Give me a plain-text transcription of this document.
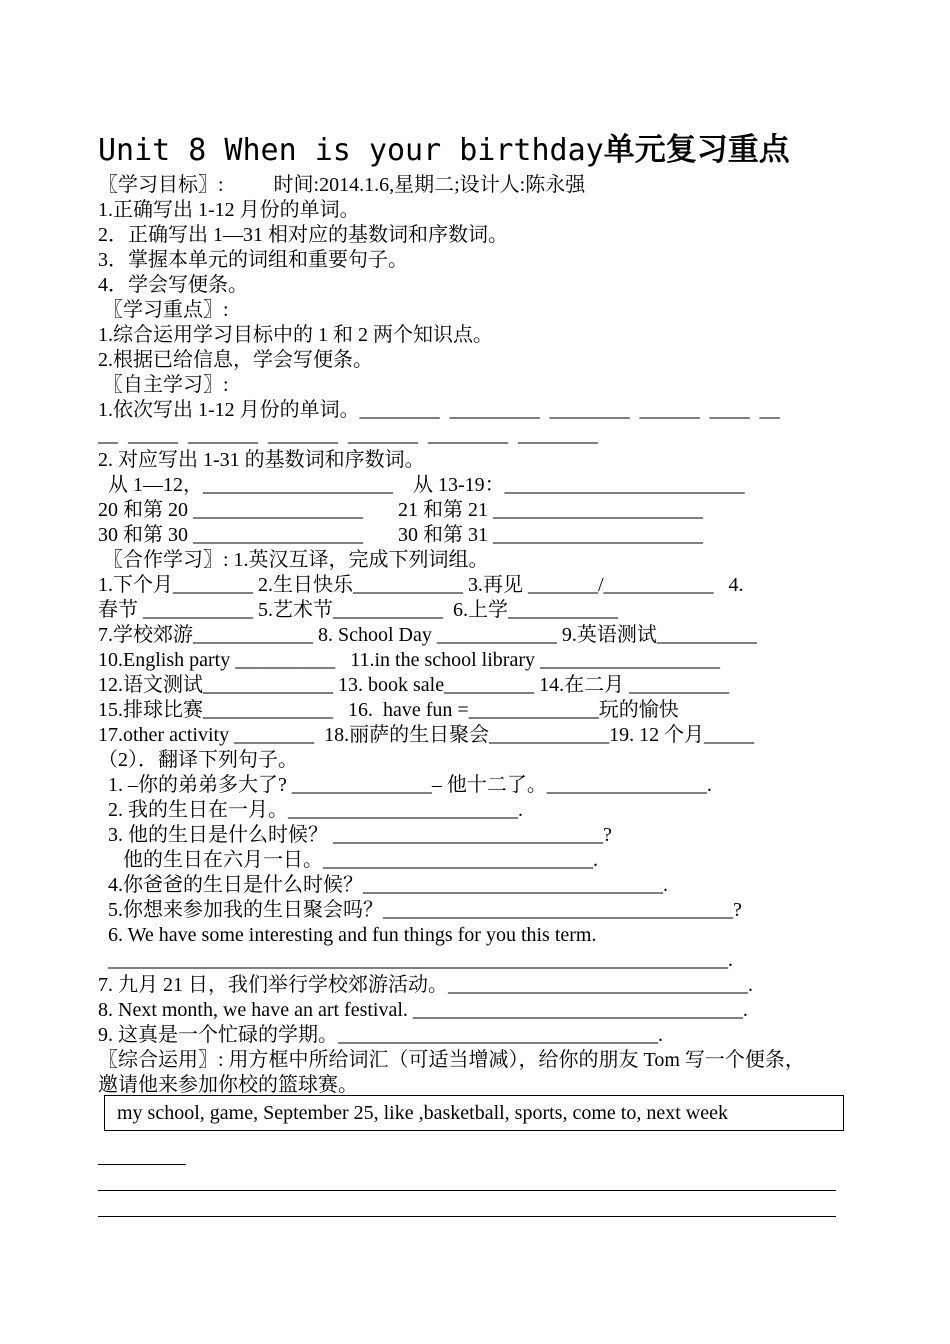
Unit 8 When is your birthday单元复习重点
〖学习目标〗:          时间:2014.1.6,星期二;设计人:陈永强
1.正确写出 1-12 月份的单词。
2．正确写出 1—31 相对应的基数词和序数词。
3．掌握本单元的词组和重要句子。
4．学会写便条。
〖学习重点〗:
1.综合运用学习目标中的 1 和 2 两个知识点。
2.根据已给信息，学会写便条。
〖自主学习〗:
1.依次写出 1-12 月份的单词。________  _________  ________  ______  ____  __
__  _____  _______  _______  _______  ________  ________
2. 对应写出 1-31 的基数词和序数词。
从 1—12，___________________    从 13-19：________________________
20 和第 20 _________________       21 和第 21 _____________________
30 和第 30 _________________       30 和第 31 _____________________
〖合作学习〗: 1.英汉互译，完成下列词组。
1.下个月________ 2.生日快乐___________ 3.再见 _______/___________   4.
春节 ___________ 5.艺术节___________  6.上学___________
7.学校郊游____________ 8. School Day ____________ 9.英语测试__________
10.English party __________   11.in the school library __________________
12.语文测试_____________ 13. book sale_________ 14.在二月 __________
15.排球比赛_____________   16.  have fun =_____________玩的愉快
17.other activity ________  18.丽萨的生日聚会____________19. 12 个月_____
（2）．翻译下列句子。
1. –你的弟弟多大了? ______________– 他十二了。________________.
2. 我的生日在一月。_______________________.
3. 他的生日是什么时候？ ___________________________?
他的生日在六月一日。___________________________.
4.你爸爸的生日是什么时候？______________________________.
5.你想来参加我的生日聚会吗？___________________________________?
6. We have some interesting and fun things for you this term.
______________________________________________________________.
7. 九月 21 日，我们举行学校郊游活动。______________________________.
8. Next month, we have an art festival. _________________________________.
9. 这真是一个忙碌的学期。________________________________.
〖综合运用〗: 用方框中所给词汇（可适当增减），给你的朋友 Tom 写一个便条，
邀请他来参加你校的篮球赛。
my school, game, September 25, like ,basketball, sports, come to, next week
